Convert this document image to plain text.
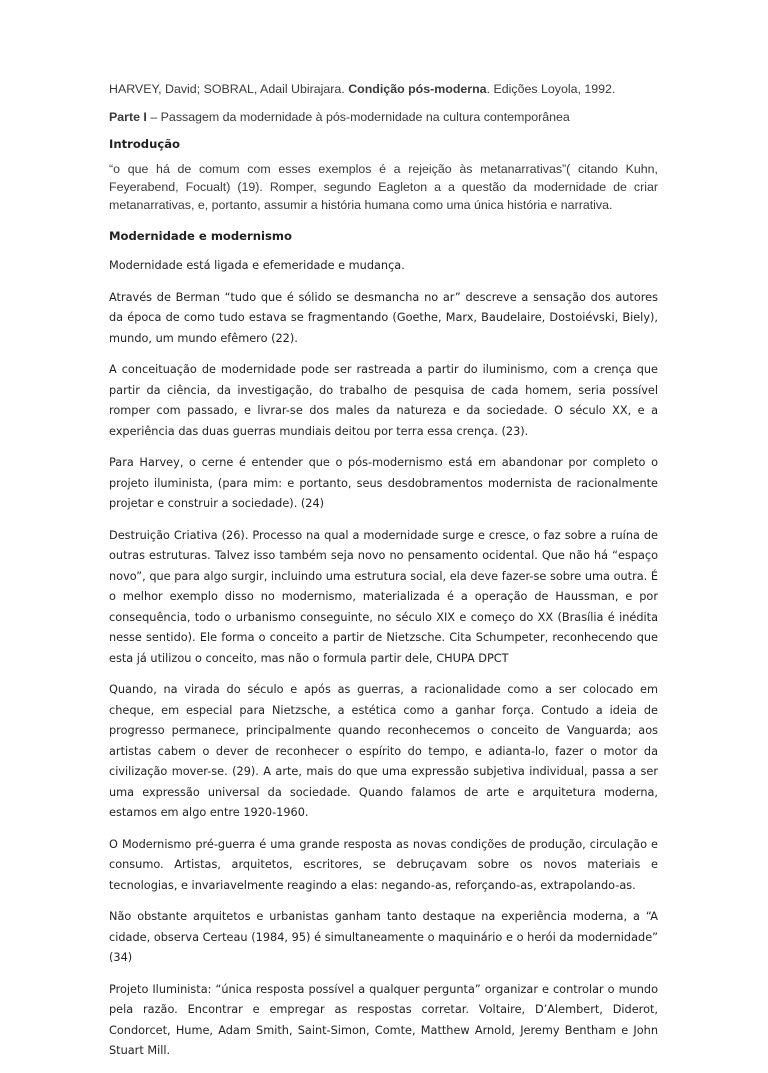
HARVEY, David; SOBRAL, Adail Ubirajara. Condição pós-moderna. Edições Loyola, 1992.

Parte I – Passagem da modernidade à pós-modernidade na cultura contemporânea

Introdução

“o que há de comum com esses exemplos é a rejeição às metanarrativas”( citando Kuhn, Feyerabend, Focualt) (19). Romper, segundo Eagleton a a questão da modernidade de criar metanarrativas, e, portanto, assumir a história humana como uma única história e narrativa.

Modernidade e modernismo

Modernidade está ligada e efemeridade e mudança.

Através de Berman “tudo que é sólido se desmancha no ar” descreve a sensação dos autores da época de como tudo estava se fragmentando (Goethe, Marx, Baudelaire, Dostoiévski, Biely), mundo, um mundo efêmero (22).

A conceituação de modernidade pode ser rastreada a partir do iluminismo, com a crença que partir da ciência, da investigação, do trabalho de pesquisa de cada homem, seria possível romper com passado, e livrar-se dos males da natureza e da sociedade. O século XX, e a experiência das duas guerras mundiais deitou por terra essa crença. (23).

Para Harvey, o cerne é entender que o pós-modernismo está em abandonar por completo o projeto iluminista, (para mim: e portanto, seus desdobramentos modernista de racionalmente projetar e construir a sociedade). (24)

Destruição Criativa (26). Processo na qual a modernidade surge e cresce, o faz sobre a ruína de outras estruturas. Talvez isso também seja novo no pensamento ocidental. Que não há “espaço novo”, que para algo surgir, incluindo uma estrutura social, ela deve fazer-se sobre uma outra. É o melhor exemplo disso no modernismo, materializada é a operação de Haussman, e por consequência, todo o urbanismo conseguinte, no século XIX e começo do XX (Brasília é inédita nesse sentido). Ele forma o conceito a partir de Nietzsche. Cita Schumpeter, reconhecendo que esta já utilizou o conceito, mas não o formula partir dele, CHUPA DPCT

Quando, na virada do século e após as guerras, a racionalidade como a ser colocado em cheque, em especial para Nietzsche, a estética como a ganhar força. Contudo a ideia de progresso permanece, principalmente quando reconhecemos o conceito de Vanguarda; aos artistas cabem o dever de reconhecer o espírito do tempo, e adianta-lo, fazer o motor da civilização mover-se. (29). A arte, mais do que uma expressão subjetiva individual, passa a ser uma expressão universal da sociedade. Quando falamos de arte e arquitetura moderna, estamos em algo entre 1920-1960.

O Modernismo pré-guerra é uma grande resposta as novas condições de produção, circulação e consumo. Artistas, arquitetos, escritores, se debruçavam sobre os novos materiais e tecnologias, e invariavelmente reagindo a elas: negando-as, reforçando-as, extrapolando-as.

Não obstante arquitetos e urbanistas ganham tanto destaque na experiência moderna, a “A cidade, observa Certeau (1984, 95) é simultaneamente o maquinário e o herói da modernidade” (34)

Projeto Iluminista: “única resposta possível a qualquer pergunta” organizar e controlar o mundo pela razão. Encontrar e empregar as respostas corretar. Voltaire, D’Alembert, Diderot, Condorcet, Hume, Adam Smith, Saint-Simon, Comte, Matthew Arnold, Jeremy Bentham e John Stuart Mill.
